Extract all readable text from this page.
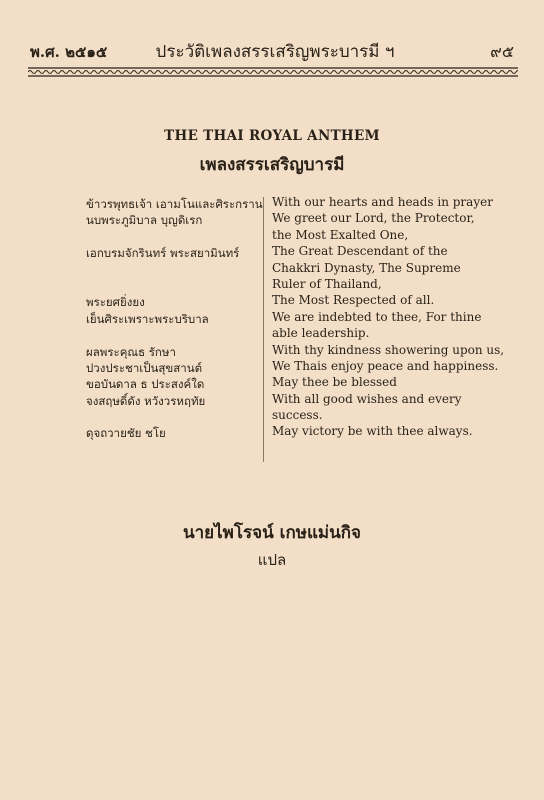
พ.ศ. ๒๕๑๕	ประวัติเพลงสรรเสริญพระบารมี ฯ	๙๕
THE THAI ROYAL ANTHEM
เพลงสรรเสริญบารมี
ข้าวรพุทธเจ้า เอามโนและศิระกราน
นบพระภูมิบาล บุญดิเรก
เอกบรมจักรินทร์ พระสยามินทร์
พระยศยิ่งยง
เย็นศิระเพราะพระบริบาล
ผลพระคุณธ รักษา
ปวงประชาเป็นสุขสานต์
ขอบันดาล ธ ประสงค์ใด
จงสฤษดิ์ดัง หวังวรหฤทัย
ดุจถวายชัย ชโย
With our hearts and heads in prayer
We greet our Lord, the Protector,
the Most Exalted One,
The Great Descendant of the
Chakkri Dynasty, The Supreme
Ruler of Thailand,
The Most Respected of all.
We are indebted to thee, For thine
able leadership.
With thy kindness showering upon us,
We Thais enjoy peace and happiness.
May thee be blessed
With all good wishes and every
success.
May victory be with thee always.
นายไพโรจน์ เกษแม่นกิจ
แปล
